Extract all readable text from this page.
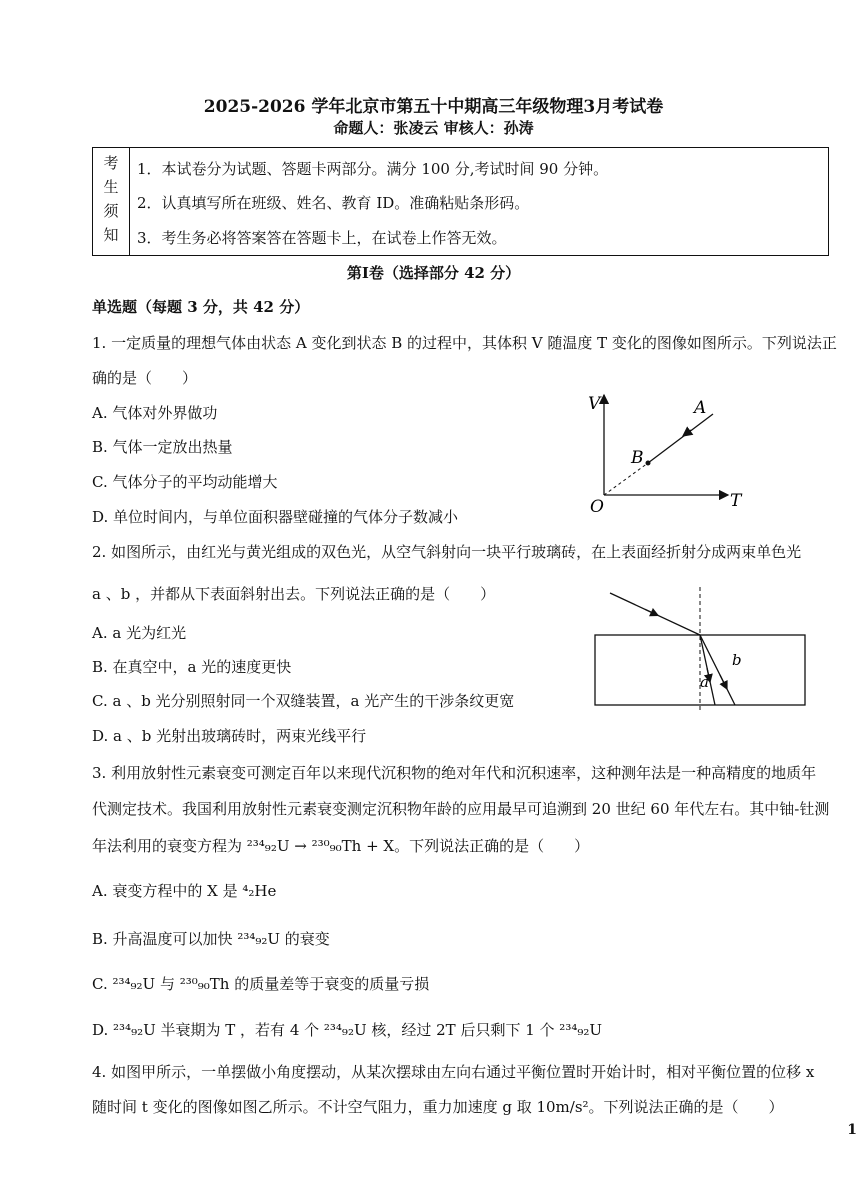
2025-2026 学年北京市第五十中期高三年级物理3月考试卷
命题人：张凌云 审核人：孙涛
考
生
须
知
1．本试卷分为试题、答题卡两部分。满分 100 分,考试时间 90 分钟。
2．认真填写所在班级、姓名、教育 ID。准确粘贴条形码。
3．考生务必将答案答在答题卡上，在试卷上作答无效。
第Ⅰ卷（选择部分 42 分）
单选题（每题 3 分，共 42 分）
1. 一定质量的理想气体由状态 A 变化到状态 B 的过程中，其体积 V 随温度 T 变化的图像如图所示。下列说法正
确的是（　　）
A. 气体对外界做功
B. 气体一定放出热量
C. 气体分子的平均动能增大
D. 单位时间内，与单位面积器壁碰撞的气体分子数减小
V
T
O
A
B
2. 如图所示，由红光与黄光组成的双色光，从空气斜射向一块平行玻璃砖，在上表面经折射分成两束单色光
a 、b ，并都从下表面斜射出去。下列说法正确的是（　　）
A. a 光为红光
B. 在真空中，a 光的速度更快
C. a 、b 光分别照射同一个双缝装置，a 光产生的干涉条纹更宽
D. a 、b 光射出玻璃砖时，两束光线平行
b
a
3. 利用放射性元素衰变可测定百年以来现代沉积物的绝对年代和沉积速率，这种测年法是一种高精度的地质年
代测定技术。我国利用放射性元素衰变测定沉积物年龄的应用最早可追溯到 20 世纪 60 年代左右。其中铀-钍测
年法利用的衰变方程为 ²³⁴₉₂U → ²³⁰₉₀Th + X。下列说法正确的是（　　）
A. 衰变方程中的 X 是 ⁴₂He
B. 升高温度可以加快 ²³⁴₉₂U 的衰变
C. ²³⁴₉₂U 与 ²³⁰₉₀Th 的质量差等于衰变的质量亏损
D. ²³⁴₉₂U 半衰期为 T ，若有 4 个 ²³⁴₉₂U 核，经过 2T 后只剩下 1 个 ²³⁴₉₂U
4. 如图甲所示，一单摆做小角度摆动，从某次摆球由左向右通过平衡位置时开始计时，相对平衡位置的位移 x
随时间 t 变化的图像如图乙所示。不计空气阻力，重力加速度 g 取 10m/s²。下列说法正确的是（　　）
1
